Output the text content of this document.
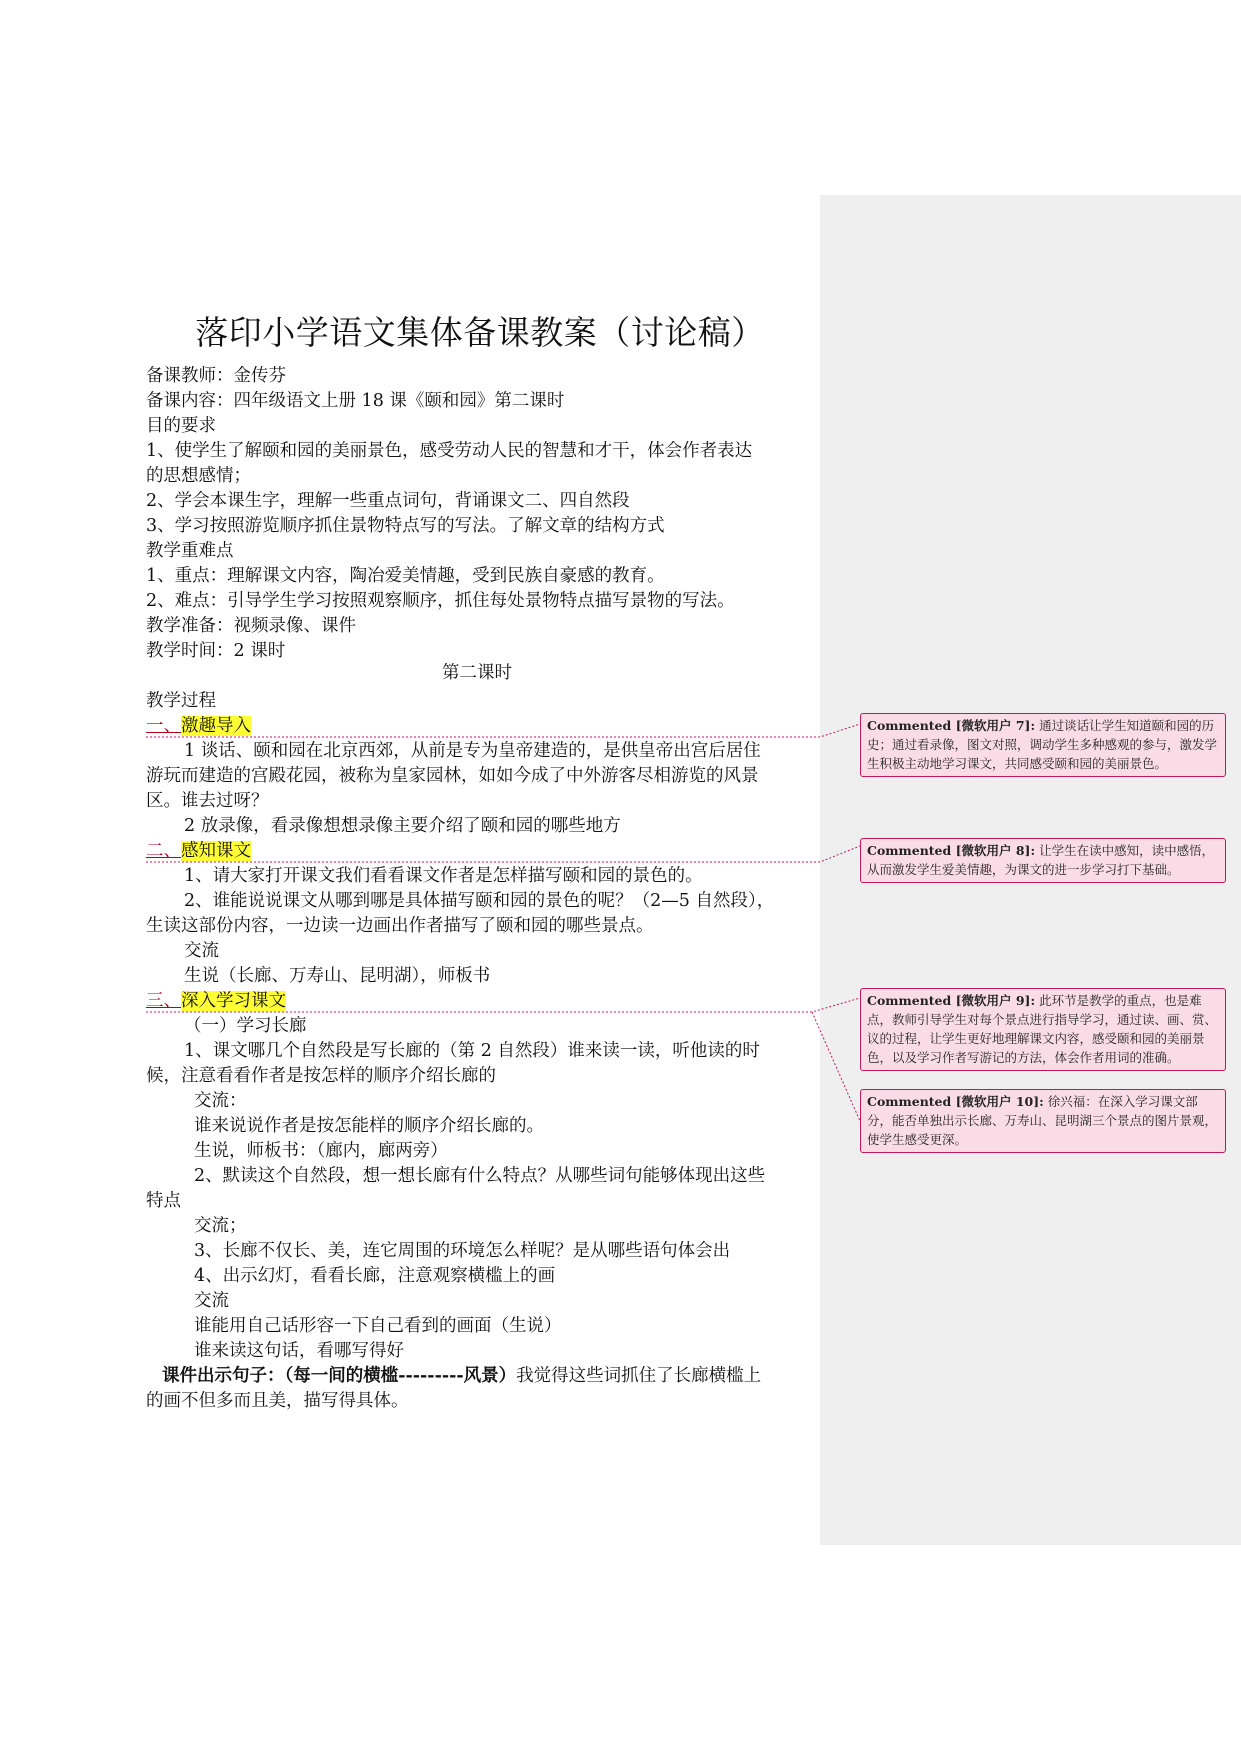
落印小学语文集体备课教案（讨论稿）
备课教师：金传芬
备课内容：四年级语文上册 18 课《颐和园》第二课时
目的要求
1、使学生了解颐和园的美丽景色，感受劳动人民的智慧和才干，体会作者表达
的思想感情；
2、学会本课生字，理解一些重点词句，背诵课文二、四自然段
3、学习按照游览顺序抓住景物特点写的写法。了解文章的结构方式
教学重难点
1、重点：理解课文内容，陶冶爱美情趣，受到民族自豪感的教育。
2、难点：引导学生学习按照观察顺序，抓住每处景物特点描写景物的写法。
教学准备：视频录像、课件
教学时间：2 课时
第二课时
教学过程
一、激趣导入
1 谈话、颐和园在北京西郊，从前是专为皇帝建造的，是供皇帝出宫后居住
游玩而建造的宫殿花园，被称为皇家园林，如如今成了中外游客尽相游览的风景
区。谁去过呀？
2 放录像，看录像想想录像主要介绍了颐和园的哪些地方
二、感知课文
1、请大家打开课文我们看看课文作者是怎样描写颐和园的景色的。
2、谁能说说课文从哪到哪是具体描写颐和园的景色的呢？（2—5 自然段），
生读这部份内容，一边读一边画出作者描写了颐和园的哪些景点。
交流
生说（长廊、万寿山、昆明湖），师板书
三、深入学习课文
（一）学习长廊
1、课文哪几个自然段是写长廊的（第 2 自然段）谁来读一读，听他读的时
候，注意看看作者是按怎样的顺序介绍长廊的
交流：
谁来说说作者是按怎能样的顺序介绍长廊的。
生说，师板书：（廊内，廊两旁）
2、默读这个自然段，想一想长廊有什么特点？从哪些词句能够体现出这些
特点
交流；
3、长廊不仅长、美，连它周围的环境怎么样呢？是从哪些语句体会出
4、出示幻灯，看看长廊，注意观察横槛上的画
交流
谁能用自己话形容一下自己看到的画面（生说）
谁来读这句话，看哪写得好
课件出示句子：（每一间的横槛---------风景）我觉得这些词抓住了长廊横槛上
的画不但多而且美，描写得具体。
Commented [微软用户 7]: 通过谈话让学生知道颐和园的历史；通过看录像，图文对照，调动学生多种感观的参与，激发学生积极主动地学习课文，共同感受颐和园的美丽景色。
Commented [微软用户 8]: 让学生在读中感知，读中感悟，从而激发学生爱美情趣，为课文的进一步学习打下基础。
Commented [微软用户 9]: 此环节是教学的重点，也是难点，教师引导学生对每个景点进行指导学习，通过读、画、赏、议的过程，让学生更好地理解课文内容，感受颐和园的美丽景色，以及学习作者写游记的方法，体会作者用词的准确。
Commented [微软用户 10]: 徐兴福：在深入学习课文部分，能否单独出示长廊、万寿山、昆明湖三个景点的图片景观，使学生感受更深。
